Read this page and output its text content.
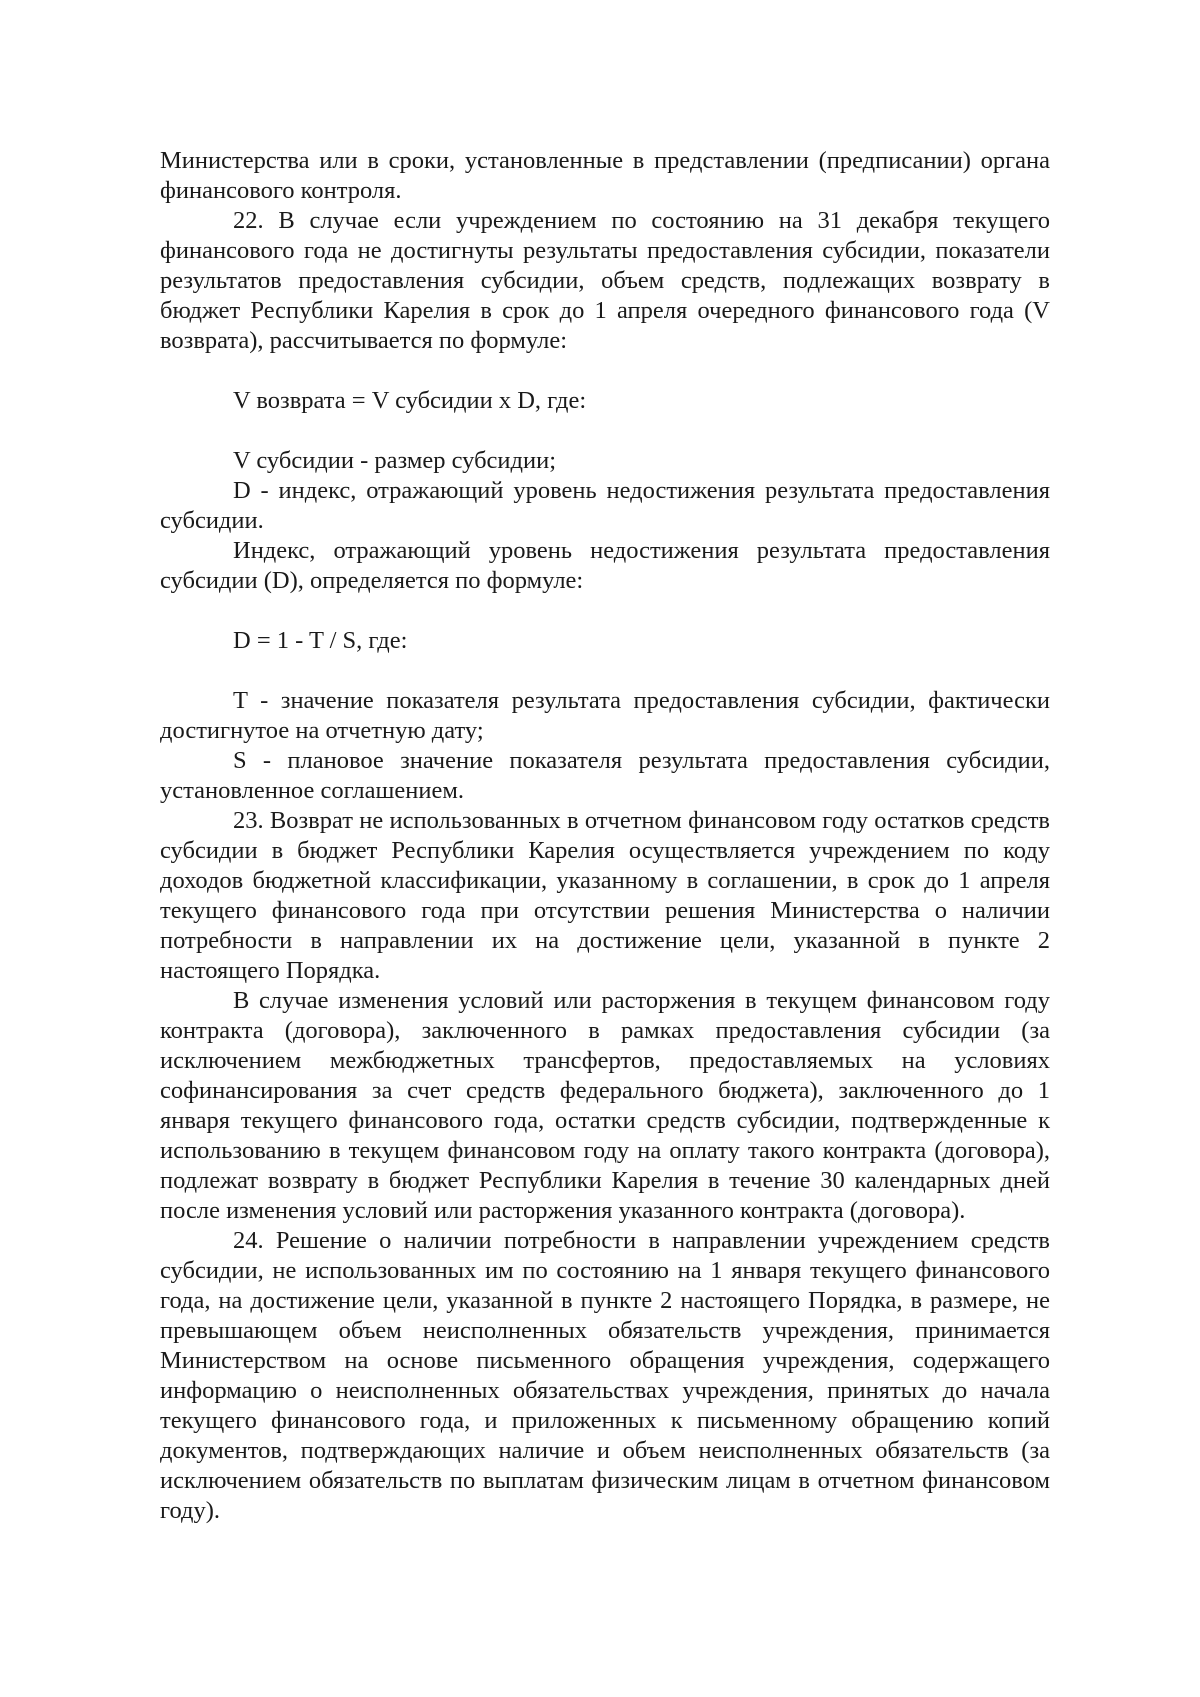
Министерства или в сроки, установленные в представлении (предписании) органа финансового контроля.

22. В случае если учреждением по состоянию на 31 декабря текущего финансового года не достигнуты результаты предоставления субсидии, показатели результатов предоставления субсидии, объем средств, подлежащих возврату в бюджет Республики Карелия в срок до 1 апреля очередного финансового года (V возврата), рассчитывается по формуле:

V возврата = V субсидии x D, где:

V субсидии - размер субсидии;

D - индекс, отражающий уровень недостижения результата предоставления субсидии.

Индекс, отражающий уровень недостижения результата предоставления субсидии (D), определяется по формуле:

D = 1 - T / S, где:

T - значение показателя результата предоставления субсидии, фактически достигнутое на отчетную дату;

S - плановое значение показателя результата предоставления субсидии, установленное соглашением.

23. Возврат не использованных в отчетном финансовом году остатков средств субсидии в бюджет Республики Карелия осуществляется учреждением по коду доходов бюджетной классификации, указанному в соглашении, в срок до 1 апреля текущего финансового года при отсутствии решения Министерства о наличии потребности в направлении их на достижение цели, указанной в пункте 2 настоящего Порядка.

В случае изменения условий или расторжения в текущем финансовом году контракта (договора), заключенного в рамках предоставления субсидии (за исключением межбюджетных трансфертов, предоставляемых на условиях софинансирования за счет средств федерального бюджета), заключенного до 1 января текущего финансового года, остатки средств субсидии, подтвержденные к использованию в текущем финансовом году на оплату такого контракта (договора), подлежат возврату в бюджет Республики Карелия в течение 30 календарных дней после изменения условий или расторжения указанного контракта (договора).

24. Решение о наличии потребности в направлении учреждением средств субсидии, не использованных им по состоянию на 1 января текущего финансового года, на достижение цели, указанной в пункте 2 настоящего Порядка, в размере, не превышающем объем неисполненных обязательств учреждения, принимается Министерством на основе письменного обращения учреждения, содержащего информацию о неисполненных обязательствах учреждения, принятых до начала текущего финансового года, и приложенных к письменному обращению копий документов, подтверждающих наличие и объем неисполненных обязательств (за исключением обязательств по выплатам физическим лицам в отчетном финансовом году).
